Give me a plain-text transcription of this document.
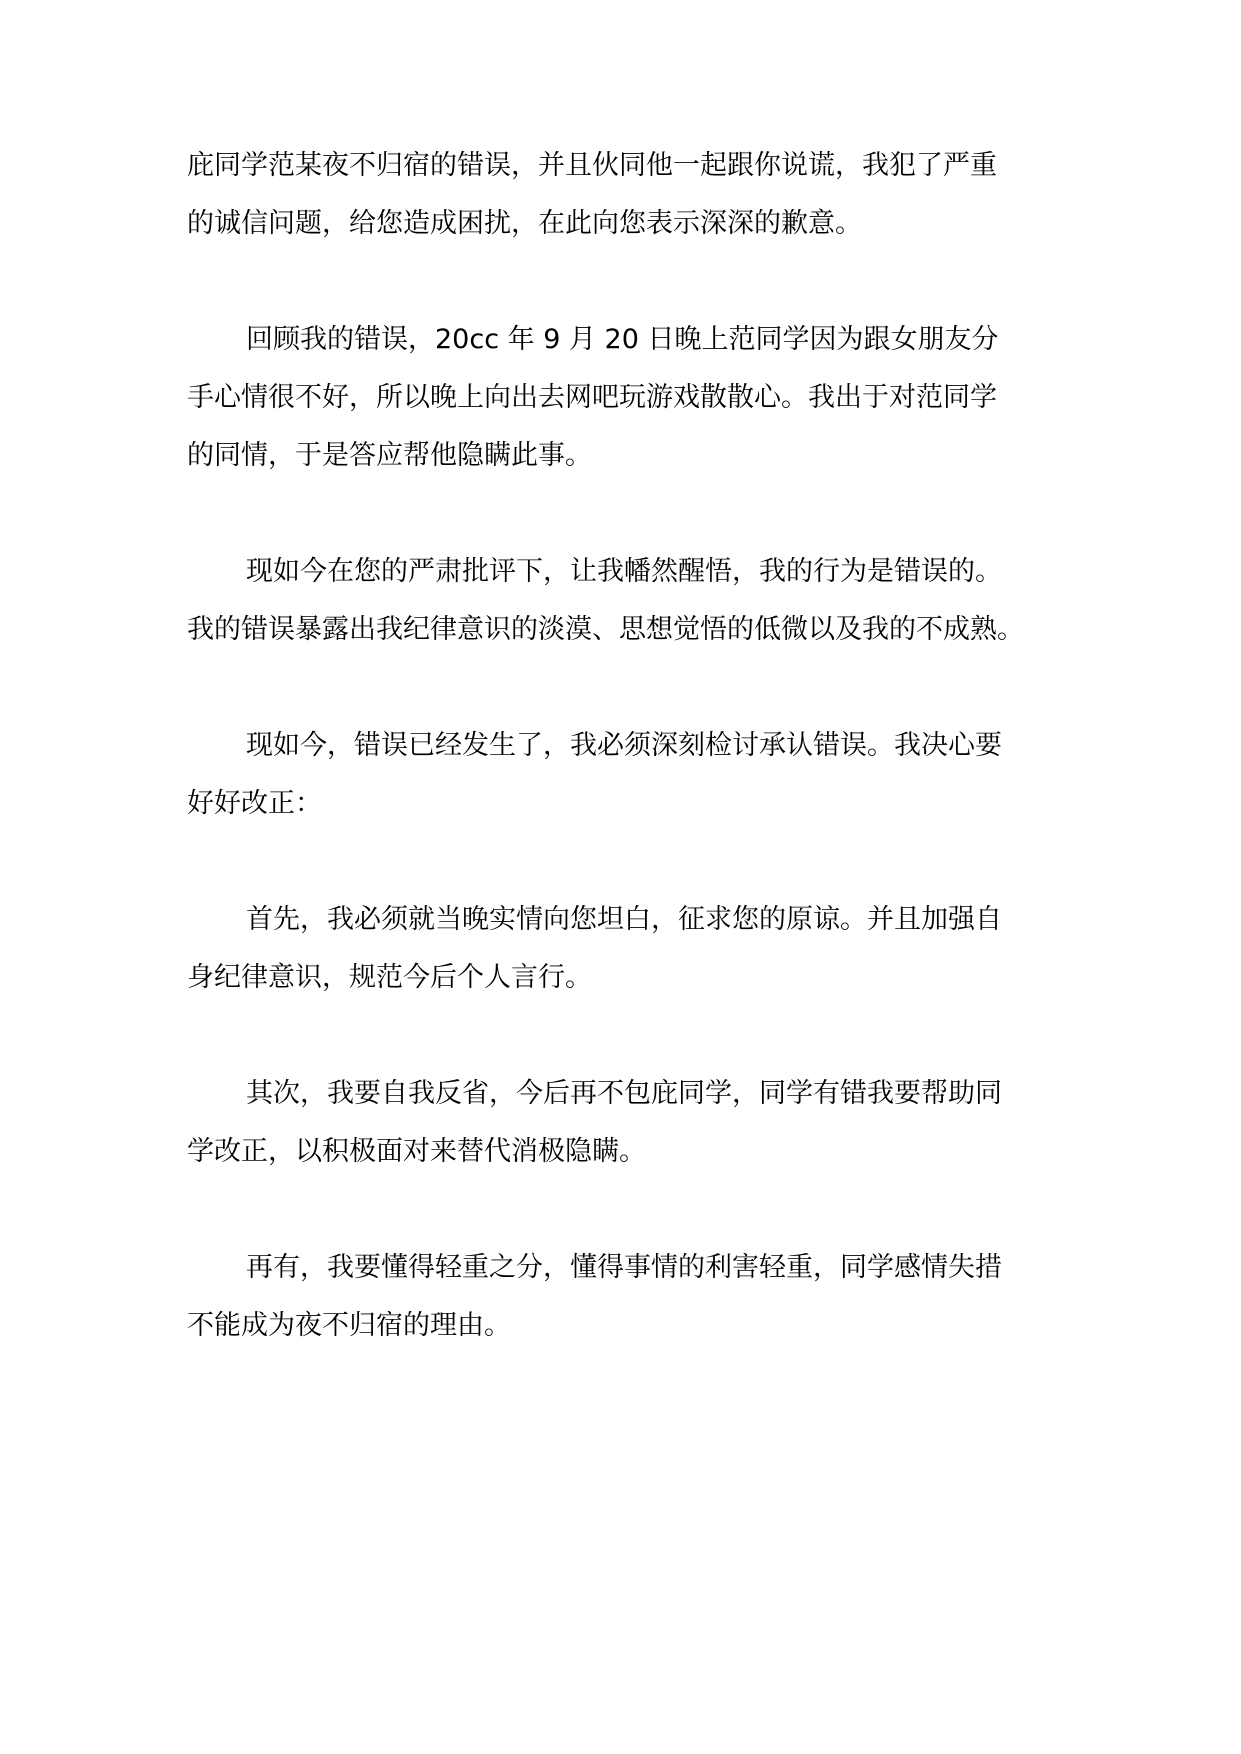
庇同学范某夜不归宿的错误，并且伙同他一起跟你说谎，我犯了严重

的诚信问题，给您造成困扰，在此向您表示深深的歉意。

回顾我的错误，20cc 年 9 月 20 日晚上范同学因为跟女朋友分

手心情很不好，所以晚上向出去网吧玩游戏散散心。我出于对范同学

的同情，于是答应帮他隐瞒此事。

现如今在您的严肃批评下，让我幡然醒悟，我的行为是错误的。

我的错误暴露出我纪律意识的淡漠、思想觉悟的低微以及我的不成熟。

现如今，错误已经发生了，我必须深刻检讨承认错误。我决心要

好好改正：

首先，我必须就当晚实情向您坦白，征求您的原谅。并且加强自

身纪律意识，规范今后个人言行。

其次，我要自我反省，今后再不包庇同学，同学有错我要帮助同

学改正，以积极面对来替代消极隐瞒。

再有，我要懂得轻重之分，懂得事情的利害轻重，同学感情失措

不能成为夜不归宿的理由。
